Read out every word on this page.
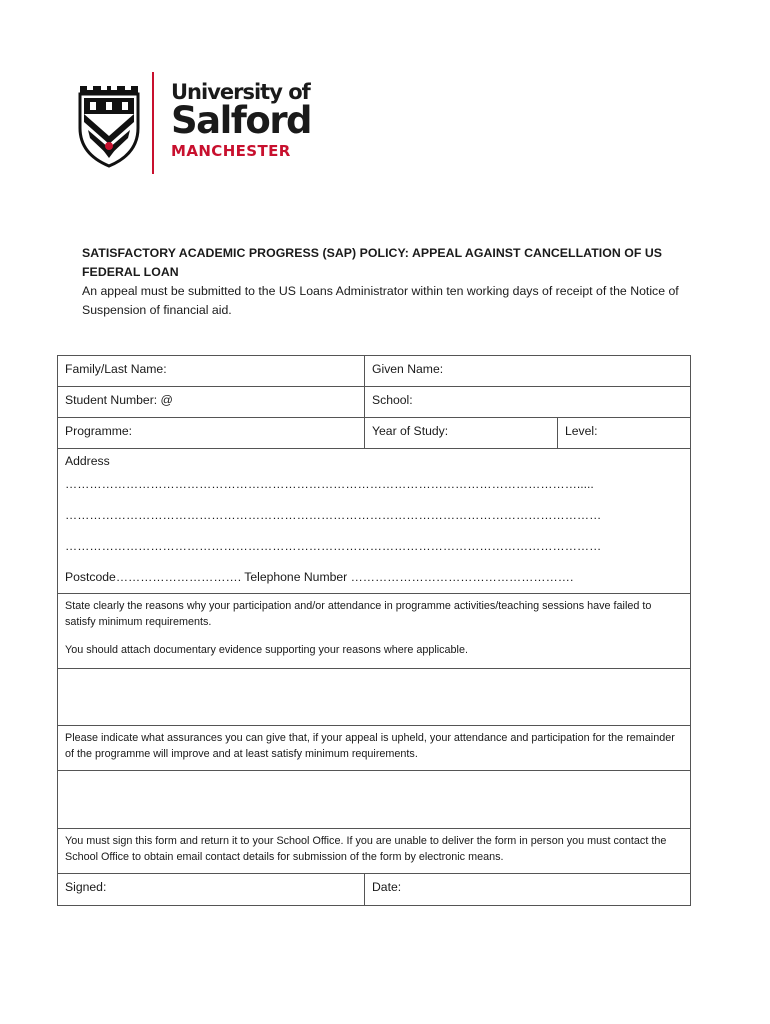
University of
Salford
MANCHESTER

SATISFACTORY ACADEMIC PROGRESS (SAP) POLICY: APPEAL AGAINST CANCELLATION OF US

FEDERAL LOAN

An appeal must be submitted to the US Loans Administrator within ten working days of receipt of the Notice of

Suspension of financial aid.

Family/Last Name:	Given Name:
Student Number: @	School:
Programme:	Year of Study:	Level:
Address
……………………………………………………………………………………………………………….....
……………………………………………………………………………………………………………………
……………………………………………………………………………………………………………………
Postcode…………………………. Telephone Number ……………………………………………….

State clearly the reasons why your participation and/or attendance in programme activities/teaching sessions have failed to satisfy minimum requirements.

You should attach documentary evidence supporting your reasons where applicable.

Please indicate what assurances you can give that, if your appeal is upheld, your attendance and participation for the remainder of the programme will improve and at least satisfy minimum requirements.

You must sign this form and return it to your School Office. If you are unable to deliver the form in person you must contact the School Office to obtain email contact details for submission of the form by electronic means.

Signed:	Date:
